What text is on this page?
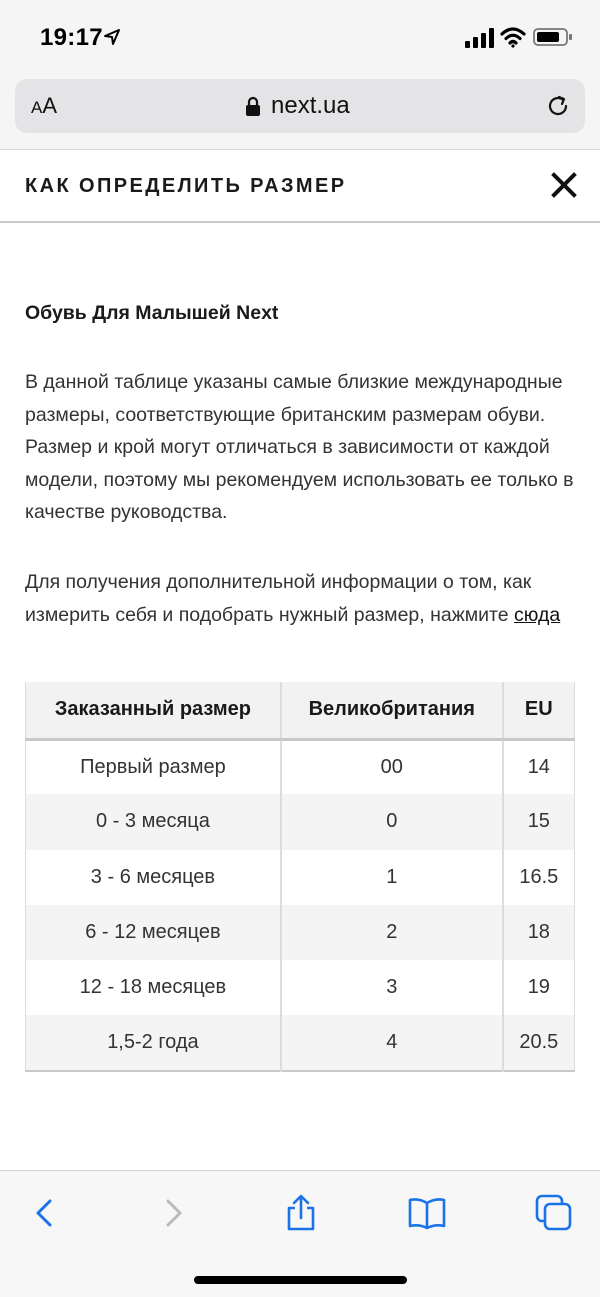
19:17
AA	next.ua
КАК ОПРЕДЕЛИТЬ РАЗМЕР
Обувь Для Малышей Next

В данной таблице указаны самые близкие международные размеры, соответствующие британским размерам обуви. Размер и крой могут отличаться в зависимости от каждой модели, поэтому мы рекомендуем использовать ее только в качестве руководства.

Для получения дополнительной информации о том, как измерить себя и подобрать нужный размер, нажмите сюда

Заказанный размер	Великобритания	EU
Первый размер	00	14
0 - 3 месяца	0	15
3 - 6 месяцев	1	16.5
6 - 12 месяцев	2	18
12 - 18 месяцев	3	19
1,5-2 года	4	20.5
